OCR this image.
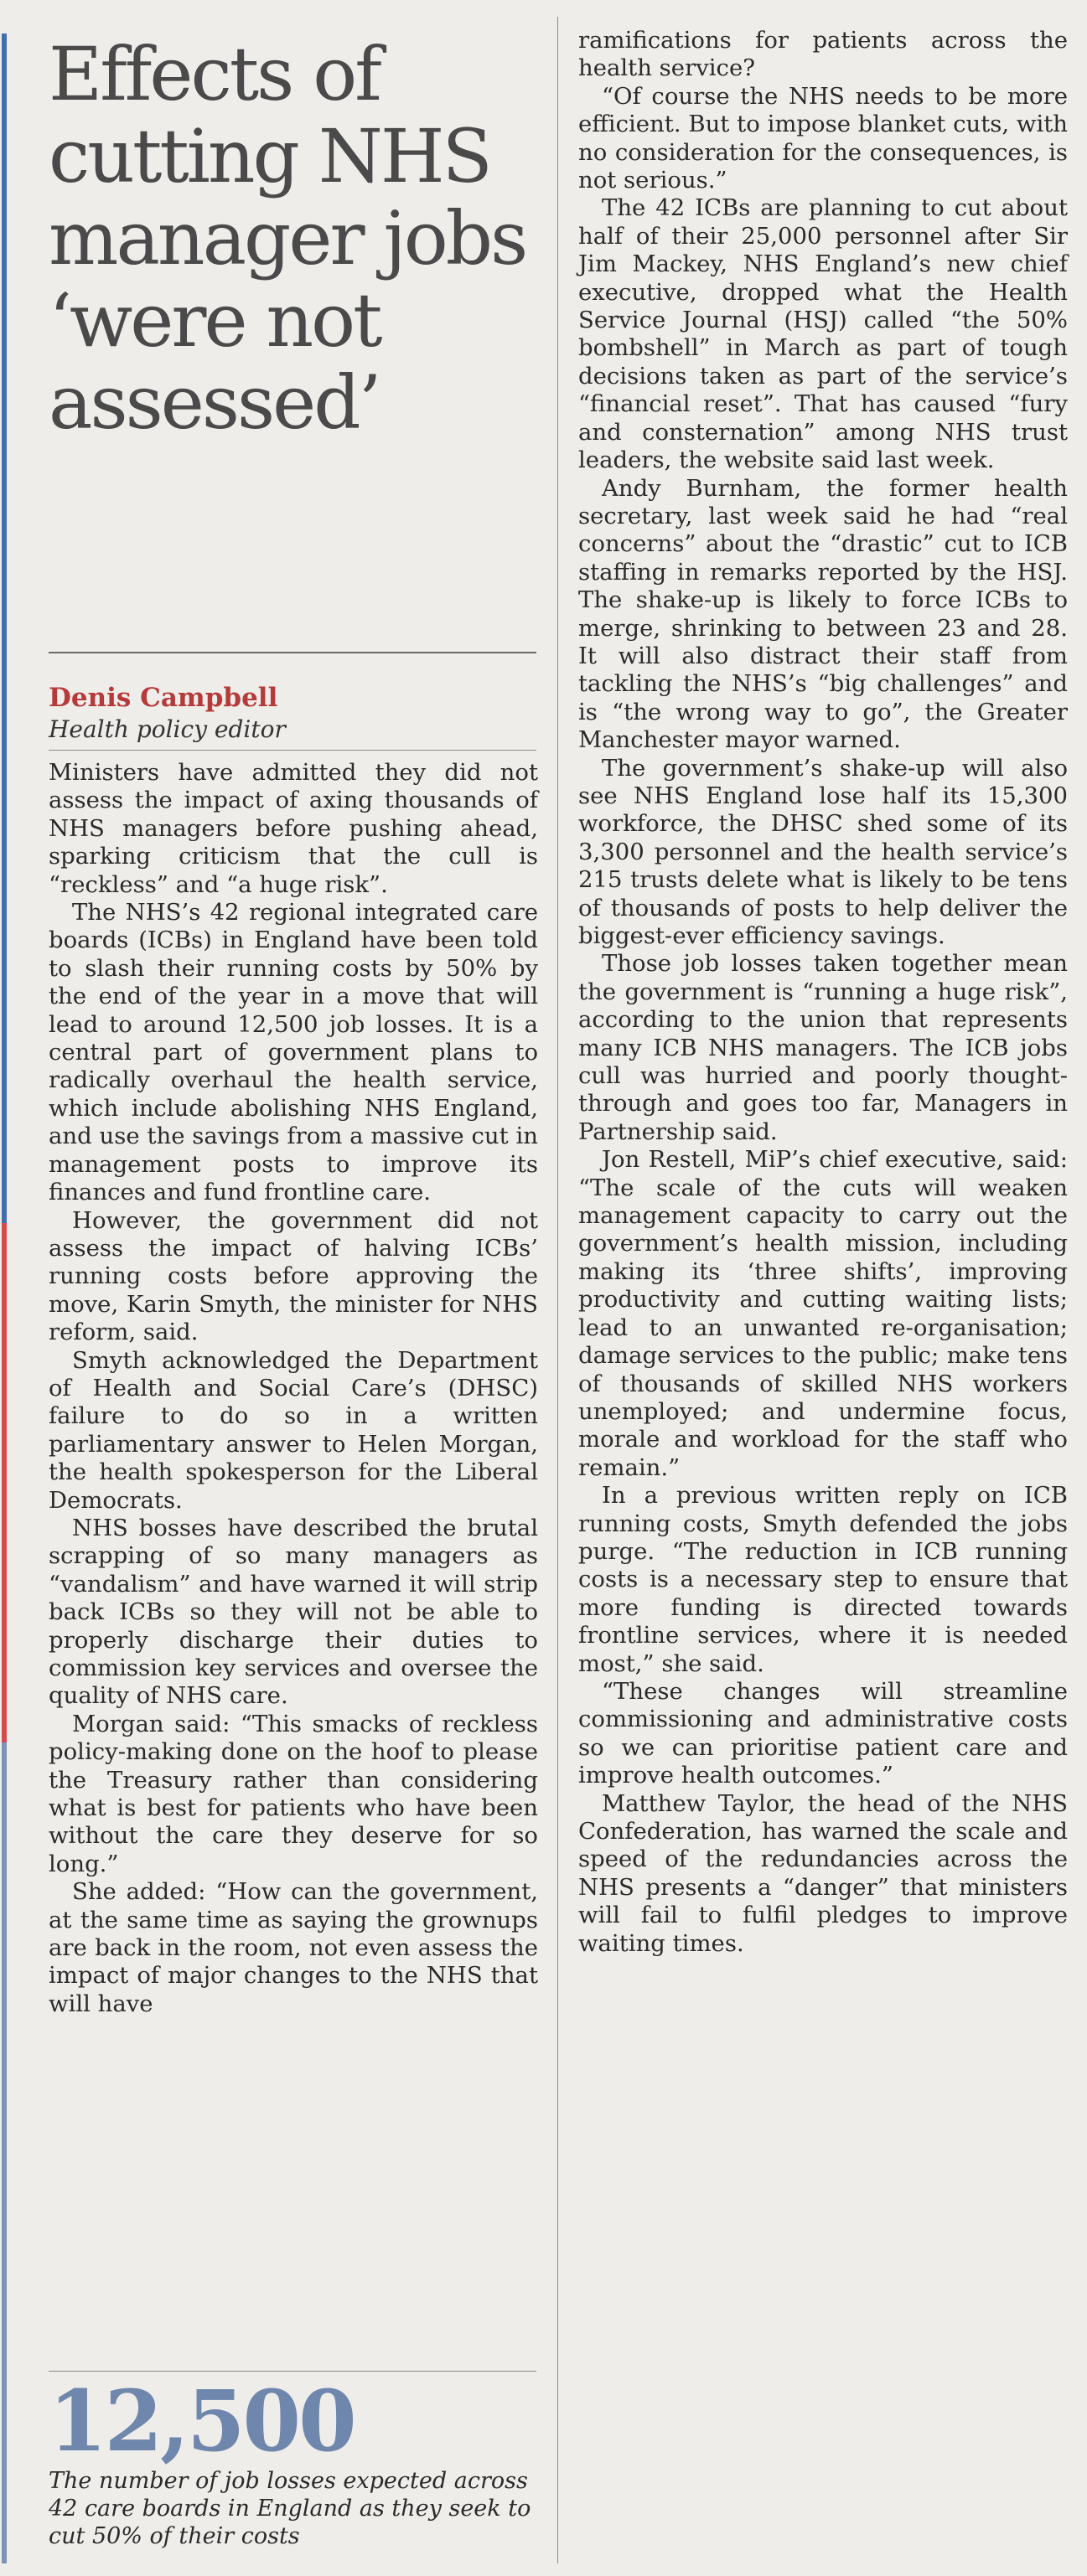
Effects of cutting NHS manager jobs ‘were not assessed’
Denis Campbell
Health policy editor

Ministers have admitted they did not assess the impact of axing thousands of NHS managers before pushing ahead, sparking criticism that the cull is “reckless” and “a huge risk”.

The NHS’s 42 regional integrated care boards (ICBs) in England have been told to slash their running costs by 50% by the end of the year in a move that will lead to around 12,500 job losses. It is a central part of government plans to radically overhaul the health service, which include abolishing NHS England, and use the savings from a massive cut in management posts to improve its finances and fund frontline care.

However, the government did not assess the impact of halving ICBs’ running costs before approving the move, Karin Smyth, the minister for NHS reform, said.

Smyth acknowledged the Department of Health and Social Care’s (DHSC) failure to do so in a written parliamentary answer to Helen Morgan, the health spokesperson for the Liberal Democrats.

NHS bosses have described the brutal scrapping of so many managers as “vandalism” and have warned it will strip back ICBs so they will not be able to properly discharge their duties to commission key services and oversee the quality of NHS care.

Morgan said: “This smacks of reckless policy-making done on the hoof to please the Treasury rather than considering what is best for patients who have been without the care they deserve for so long.”

She added: “How can the government, at the same time as saying the grownups are back in the room, not even assess the impact of major changes to the NHS that will have

12,500
The number of job losses expected across 42 care boards in England as they seek to cut 50% of their costs

ramifications for patients across the health service?

“Of course the NHS needs to be more efficient. But to impose blanket cuts, with no consideration for the consequences, is not serious.”

The 42 ICBs are planning to cut about half of their 25,000 personnel after Sir Jim Mackey, NHS England’s new chief executive, dropped what the Health Service Journal (HSJ) called “the 50% bombshell” in March as part of tough decisions taken as part of the service’s “financial reset”. That has caused “fury and consternation” among NHS trust leaders, the website said last week.

Andy Burnham, the former health secretary, last week said he had “real concerns” about the “drastic” cut to ICB staffing in remarks reported by the HSJ. The shake-up is likely to force ICBs to merge, shrinking to between 23 and 28. It will also distract their staff from tackling the NHS’s “big challenges” and is “the wrong way to go”, the Greater Manchester mayor warned.

The government’s shake-up will also see NHS England lose half its 15,300 workforce, the DHSC shed some of its 3,300 personnel and the health service’s 215 trusts delete what is likely to be tens of thousands of posts to help deliver the biggest-ever efficiency savings.

Those job losses taken together mean the government is “running a huge risk”, according to the union that represents many ICB NHS managers. The ICB jobs cull was hurried and poorly thought-through and goes too far, Managers in Partnership said.

Jon Restell, MiP’s chief executive, said: “The scale of the cuts will weaken management capacity to carry out the government’s health mission, including making its ‘three shifts’, improving productivity and cutting waiting lists; lead to an unwanted re-organisation; damage services to the public; make tens of thousands of skilled NHS workers unemployed; and undermine focus, morale and workload for the staff who remain.”

In a previous written reply on ICB running costs, Smyth defended the jobs purge. “The reduction in ICB running costs is a necessary step to ensure that more funding is directed towards frontline services, where it is needed most,” she said.

“These changes will streamline commissioning and administrative costs so we can prioritise patient care and improve health outcomes.”

Matthew Taylor, the head of the NHS Confederation, has warned the scale and speed of the redundancies across the NHS presents a “danger” that ministers will fail to fulfil pledges to improve waiting times.
